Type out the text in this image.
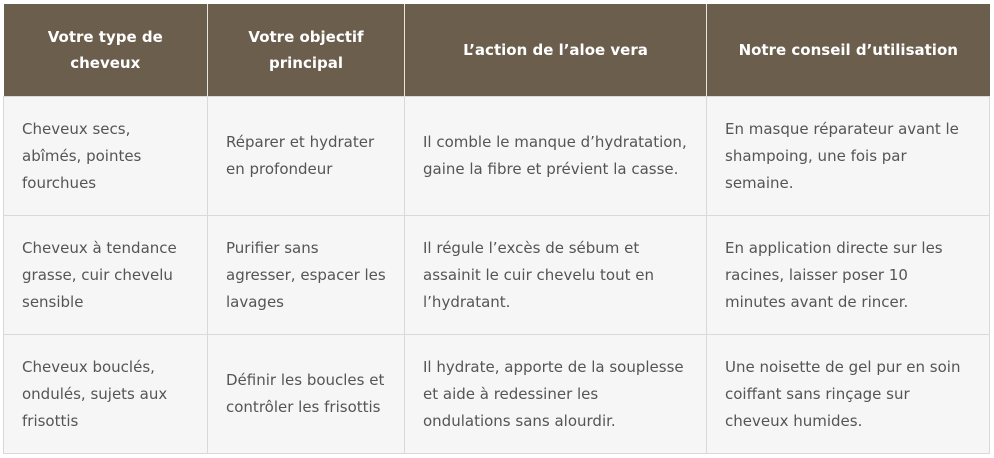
Votre type de cheveux	Votre objectif principal	L’action de l’aloe vera	Notre conseil d’utilisation
Cheveux secs, abîmés, pointes fourchues	Réparer et hydrater en profondeur	Il comble le manque d’hydratation, gaine la fibre et prévient la casse.	En masque réparateur avant le shampoing, une fois par semaine.
Cheveux à tendance grasse, cuir chevelu sensible	Purifier sans agresser, espacer les lavages	Il régule l’excès de sébum et assainit le cuir chevelu tout en l’hydratant.	En application directe sur les racines, laisser poser 10 minutes avant de rincer.
Cheveux bouclés, ondulés, sujets aux frisottis	Définir les boucles et contrôler les frisottis	Il hydrate, apporte de la souplesse et aide à redessiner les ondulations sans alourdir.	Une noisette de gel pur en soin coiffant sans rinçage sur cheveux humides.
